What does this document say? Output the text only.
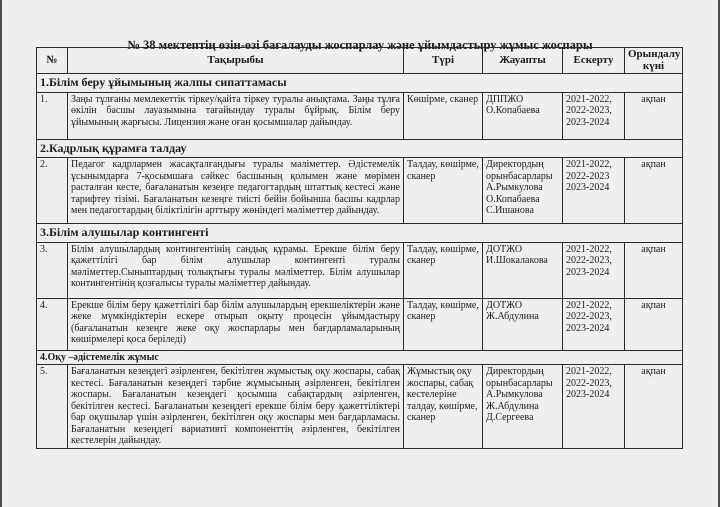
№ 38 мектептің өзін-өзі бағалауды жоспарлау және ұйымдастыру жұмыс жоспары
№	Тақырыбы	Түрі	Жауапты	Ескерту	Орындалу күні
1.Білім беру ұйымының жалпы сипаттамасы					
1.	Заңы тұлғаны мемлекеттік тіркеу/қайта тіркеу туралы анықтама. Заңы тұлға өкілін басшы лауазымына тағайындау туралы бұйрық. Білім беру ұйымының жарғысы. Лицензия және оған қосымшалар дайындау.	Көшірме, сканер	ДППЖО О.Копабаева	2021-2022, 2022-2023, 2023-2024	ақпан
2.Кадрлық құрамға талдау					
2.	Педагог кадрлармен жасақталғандығы туралы мәліметтер. Әдістемелік ұсынымдарға 7-қосымшаға сәйкес басшының қолымен және мөрімен расталған кесте, бағаланатын кезеңге педагогтардың штаттық кестесі және тарифтеу тізімі. Бағаланатын кезеңге тиісті бейін бойынша басшы кадрлар мен педагогтардың біліктілігін арттыру жөніндегі мәліметтер дайындау.	Талдау, көшірме, сканер	Директордың орынбасарлары А.Рымкулова О.Копабаева С.Ишанова	2021-2022, 2022-2023 2023-2024	ақпан
3.Білім алушылар контингенті					
3.	Білім алушылардың контингентінің сандық құрамы. Ерекше білім беру қажеттілігі бар білім алушылар контингенті туралы мәліметтер.Сыныптардың толықтығы туралы мәліметтер. Білім алушылар контингентінің қозғалысы туралы мәліметтер дайындау.	Талдау, көшірме, сканер	ДОТЖО И.Шокалакова	2021-2022, 2022-2023, 2023-2024	ақпан
4.	Ерекше білім беру қажеттілігі бар білім алушылардың ерекшеліктерін және жеке мүмкіндіктерін ескере отырып оқыту процесін ұйымдастыру (бағаланатын кезеңге жеке оқу жоспарлары мен бағдарламаларының көшірмелері қоса беріледі)	Талдау, көшірме, сканер	ДОТЖО Ж.Абдулина	2021-2022, 2022-2023, 2023-2024	ақпан
4.Оқу –әдістемелік жұмыс					
5.	Бағаланатын кезеңдегі әзірленген, бекітілген жұмыстық оқу жоспары, сабақ кестесі. Бағаланатын кезеңдегі тәрбие жұмысының әзірленген, бекітілген жоспары. Бағаланатын кезеңдегі қосымша сабақтардың әзірленген, бекітілген кестесі. Бағаланатын кезеңдегі ерекше білім беру қажеттіліктері бар оқушылар үшін әзірленген, бекітілген оқу жоспары мен бағдарламасы. Бағаланатын кезеңдегі вариативті компоненттің әзірленген, бекітілген кестелерін дайындау.	Жұмыстық оқу жоспары, сабақ кестелеріне талдау, көшірме, сканер	Директордың орынбасарлары А.Рымкулова Ж.Абдулина Д.Сергеева	2021-2022, 2022-2023, 2023-2024	ақпан
